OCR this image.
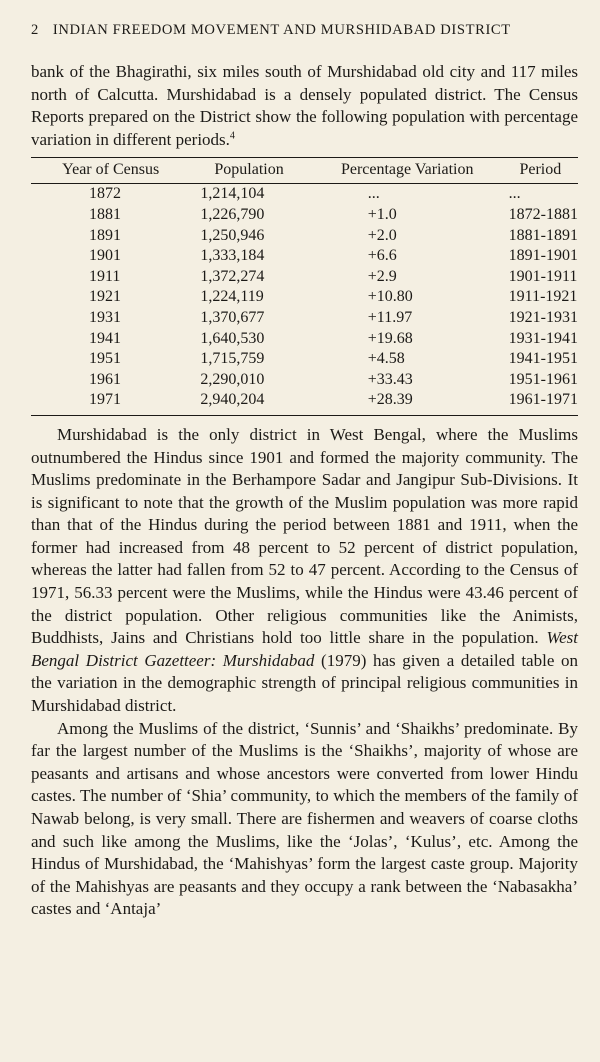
2 INDIAN FREEDOM MOVEMENT AND MURSHIDABAD DISTRICT

bank of the Bhagirathi, six miles south of Murshidabad old city and 117 miles north of Calcutta. Murshidabad is a densely populated district. The Census Reports prepared on the District show the following population with percentage variation in different periods.$^4$

Year of Census	Population	Percentage Variation	Period
1872	1,214,104	...	...
1881	1,226,790	+1.0	1872-1881
1891	1,250,946	+2.0	1881-1891
1901	1,333,184	+6.6	1891-1901
1911	1,372,274	+2.9	1901-1911
1921	1,224,119	+10.80	1911-1921
1931	1,370,677	+11.97	1921-1931
1941	1,640,530	+19.68	1931-1941
1951	1,715,759	+4.58	1941-1951
1961	2,290,010	+33.43	1951-1961
1971	2,940,204	+28.39	1961-1971

Murshidabad is the only district in West Bengal, where the Muslims outnumbered the Hindus since 1901 and formed the majority community. The Muslims predominate in the Berhampore Sadar and Jangipur Sub-Divisions. It is significant to note that the growth of the Muslim population was more rapid than that of the Hindus during the period between 1881 and 1911, when the former had increased from 48 percent to 52 percent of district population, whereas the latter had fallen from 52 to 47 percent. According to the Census of 1971, 56.33 percent were the Muslims, while the Hindus were 43.46 percent of the district population. Other religious communities like the Animists, Buddhists, Jains and Christians hold too little share in the population. West Bengal District Gazetteer: Murshidabad (1979) has given a detailed table on the variation in the demographic strength of principal religious communities in Murshidabad district.

Among the Muslims of the district, ‘Sunnis’ and ‘Shaikhs’ predominate. By far the largest number of the Muslims is the ‘Shaikhs’, majority of whose are peasants and artisans and whose ancestors were converted from lower Hindu castes. The number of ‘Shia’ community, to which the members of the family of Nawab belong, is very small. There are fishermen and weavers of coarse cloths and such like among the Muslims, like the ‘Jolas’, ‘Kulus’, etc. Among the Hindus of Murshidabad, the ‘Mahishyas’ form the largest caste group. Majority of the Mahishyas are peasants and they occupy a rank between the ‘Nabasakha’ castes and ‘Antaja’
